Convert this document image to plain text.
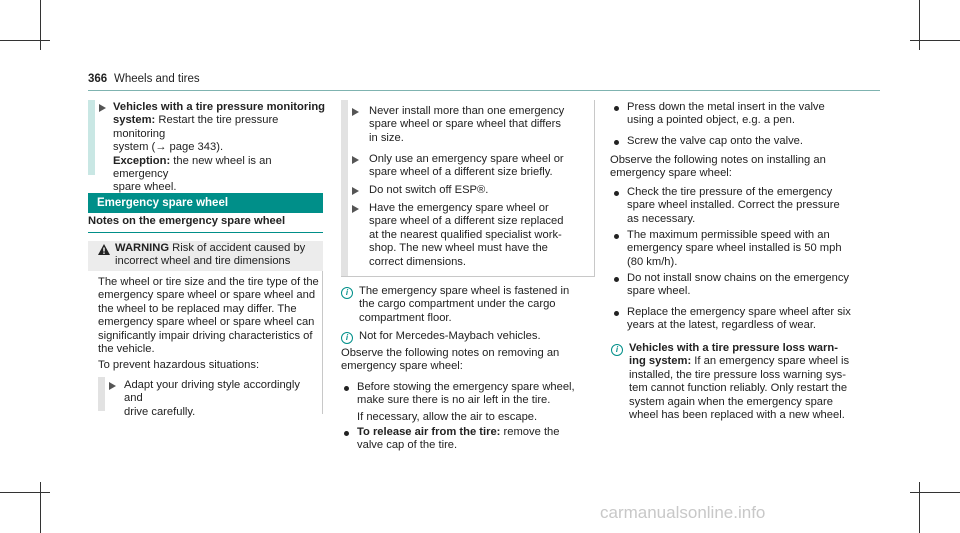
366 Wheels and tires

Vehicles with a tire pressure monitoring

system: Restart the tire pressure monitoring

system (→ page 343).

Exception: the new wheel is an emergency

spare wheel.

Emergency spare wheel
Notes on the emergency spare wheel

WARNING Risk of accident caused by

incorrect wheel and tire dimensions

The wheel or tire size and the tire type of the

emergency spare wheel or spare wheel and

the wheel to be replaced may differ. The

emergency spare wheel or spare wheel can

significantly impair driving characteristics of

the vehicle.

To prevent hazardous situations:

Adapt your driving style accordingly and

drive carefully.

Never install more than one emergency

spare wheel or spare wheel that differs

in size.

Only use an emergency spare wheel or

spare wheel of a different size briefly.

Do not switch off ESP®.

Have the emergency spare wheel or

spare wheel of a different size replaced

at the nearest qualified specialist work-

shop. The new wheel must have the

correct dimensions.

i The emergency spare wheel is fastened in

the cargo compartment under the cargo

compartment floor.

i Not for Mercedes-Maybach vehicles.

Observe the following notes on removing an

emergency spare wheel:

Before stowing the emergency spare wheel,

make sure there is no air left in the tire.

If necessary, allow the air to escape.

To release air from the tire: remove the

valve cap of the tire.

Press down the metal insert in the valve

using a pointed object, e.g. a pen.

Screw the valve cap onto the valve.

Observe the following notes on installing an

emergency spare wheel:

Check the tire pressure of the emergency

spare wheel installed. Correct the pressure

as necessary.

The maximum permissible speed with an

emergency spare wheel installed is 50 mph

(80 km/h).

Do not install snow chains on the emergency

spare wheel.

Replace the emergency spare wheel after six

years at the latest, regardless of wear.

i Vehicles with a tire pressure loss warn-

ing system: If an emergency spare wheel is

installed, the tire pressure loss warning sys-

tem cannot function reliably. Only restart the

system again when the emergency spare

wheel has been replaced with a new wheel.

carmanualsonline.info
